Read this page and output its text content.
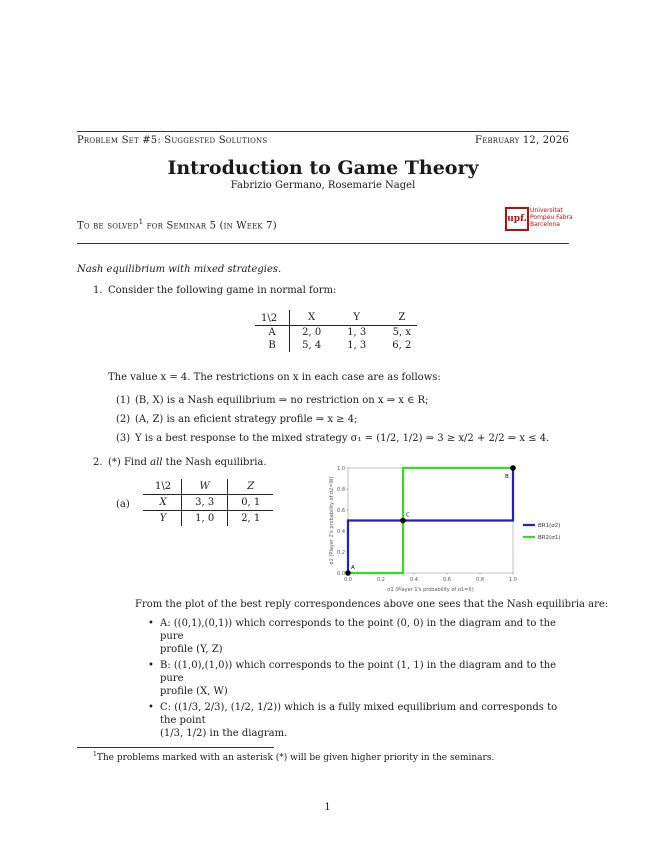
Problem Set #5: Suggested Solutions	February 12, 2026
Introduction to Game Theory
Fabrizio Germano, Rosemarie Nagel
To be solved$^1$ for Seminar 5 (in Week 7)
upf.
Universitat
Pompeu Fabra
Barcelona
Nash equilibrium with mixed strategies.
1. Consider the following game in normal form:
1\2	X	Y	Z
A	2, 0	1, 3	5, x
B	5, 4	1, 3	6, 2
The value x = 4. The restrictions on x in each case are as follows:
(1) (B, X) is a Nash equilibrium ⇒ no restriction on x ⇒ x ∈ R;
(2) (A, Z) is an eficient strategy profile ⇒ x ≥ 4;
(3) Y is a best response to the mixed strategy σ₁ = (1/2, 1/2) ⇒ 3 ≥ x/2 + 2/2 ⇒ x ≤ 4.
2. (*) Find all the Nash equilibria.
(a)
1\2	W	Z
X	3, 3	0, 1
Y	1, 0	2, 1
0.0	0.2	0.4	0.6	0.8	1.0
0.0
0.2
0.4
0.6
0.8
1.0
σ1 (Player 1's probability of σ1=X)
σ2 (Player 2's probability of σ2=W)
A
C
B
BR1(σ2)
BR2(σ1)
From the plot of the best reply correspondences above one sees that the Nash equilibria are:
• A: ((0,1),(0,1)) which corresponds to the point (0, 0) in the diagram and to the pure
profile (Y, Z)
• B: ((1,0),(1,0)) which corresponds to the point (1, 1) in the diagram and to the pure
profile (X, W)
• C: ((1/3, 2/3), (1/2, 1/2)) which is a fully mixed equilibrium and corresponds to the point
(1/3, 1/2) in the diagram.
$^1$The problems marked with an asterisk (*) will be given higher priority in the seminars.
1
